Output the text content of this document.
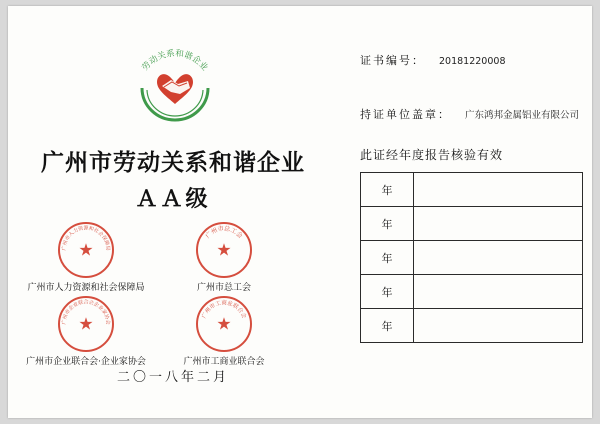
劳动关系和谐企业
广州市劳动关系和谐企业
ＡＡ级
广州市人力资源和社会保障局
★
广州市人力资源和社会保障局
广州市总工会
★
广州市总工会
广州市企业联合会企业家协会
★
广州市企业联合会·企业家协会
广州市工商业联合会
★
广州市工商业联合会
二〇一八年二月
证书编号： 20181220008
持证单位盖章： 广东鸿邦金属铝业有限公司
此证经年度报告核验有效
年	
年	
年	
年	
年	
